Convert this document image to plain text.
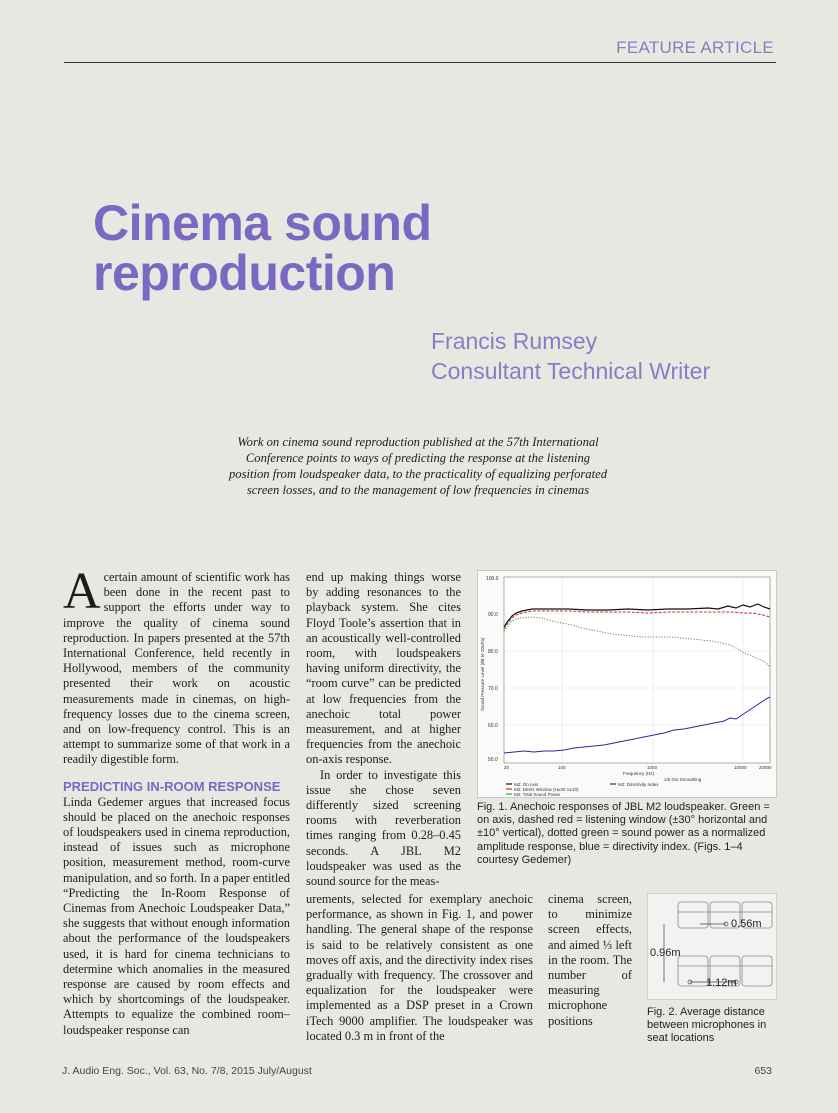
FEATURE ARTICLE
Cinema sound
reproduction
Francis Rumsey
Consultant Technical Writer
Work on cinema sound reproduction published at the 57th International
Conference points to ways of predicting the response at the listening
position from loudspeaker data, to the practicality of equalizing perforated
screen losses, and to the management of low frequencies in cinemas

Acertain amount of scientific work has been done in the recent past to support the efforts under way to improve the quality of cinema sound reproduction. In papers presented at the 57th International Conference, held recently in Hollywood, members of the community presented their work on acoustic measurements made in cinemas, on high-frequency losses due to the cinema screen, and on low-frequency control. This is an attempt to summarize some of that work in a readily digestible form.

PREDICTING IN-ROOM RESPONSE

Linda Gedemer argues that increased focus should be placed on the anechoic responses of loudspeakers used in cinema reproduction, instead of issues such as microphone position, measurement method, room-curve manipulation, and so forth. In a paper entitled “Predicting the In-Room Response of Cinemas from Anechoic Loudspeaker Data,” she suggests that without enough information about the performance of the loudspeakers used, it is hard for cinema technicians to determine which anomalies in the measured response are caused by room effects and which by shortcomings of the loudspeaker. Attempts to equalize the combined room–loudspeaker response can

end up making things worse by adding resonances to the playback system. She cites Floyd Toole’s assertion that in an acoustically well-controlled room, with loudspeakers having uniform directivity, the “room curve” can be predicted at low frequencies from the anechoic total power measurement, and at higher frequencies from the anechoic on-axis response.

In order to investigate this issue she chose seven differently sized screening rooms with reverberation times ranging from 0.28–0.45 seconds. A JBL M2 loudspeaker was used as the sound source for the meas-

urements, selected for exemplary anechoic performance, as shown in Fig. 1, and power handling. The general shape of the response is said to be relatively consistent as one moves off axis, and the directivity index rises gradually with frequency. The crossover and equalization for the loudspeaker were implemented as a DSP preset in a Crown iTech 9000 amplifier. The loudspeaker was located 0.3 m in front of the

cinema screen, to minimize screen effects, and aimed ⅓ left in the room. The number of measuring microphone positions

100.0
90.0
80.0
70.0
60.0
50.0
Sound Pressure Level (dB re 20uPa)
20	100	1000	10000	20000
Frequency (Hz)
1/6 Oct Smoothing
M2: On Axis
M2: Direct Window (H±30 V±10)
M2: Total Sound Power
M2: Directivity Index
Fig. 1. Anechoic responses of JBL M2 loudspeaker. Green = on axis, dashed red = listening window (±30° horizontal and ±10° vertical), dotted green = sound power as a normalized amplitude response, blue = directivity index. (Figs. 1–4 courtesy Gedemer)
0.56m
0.96m
1.12m
Fig. 2. Average distance between microphones in seat locations
J. Audio Eng. Soc., Vol. 63, No. 7/8, 2015 July/August	653
